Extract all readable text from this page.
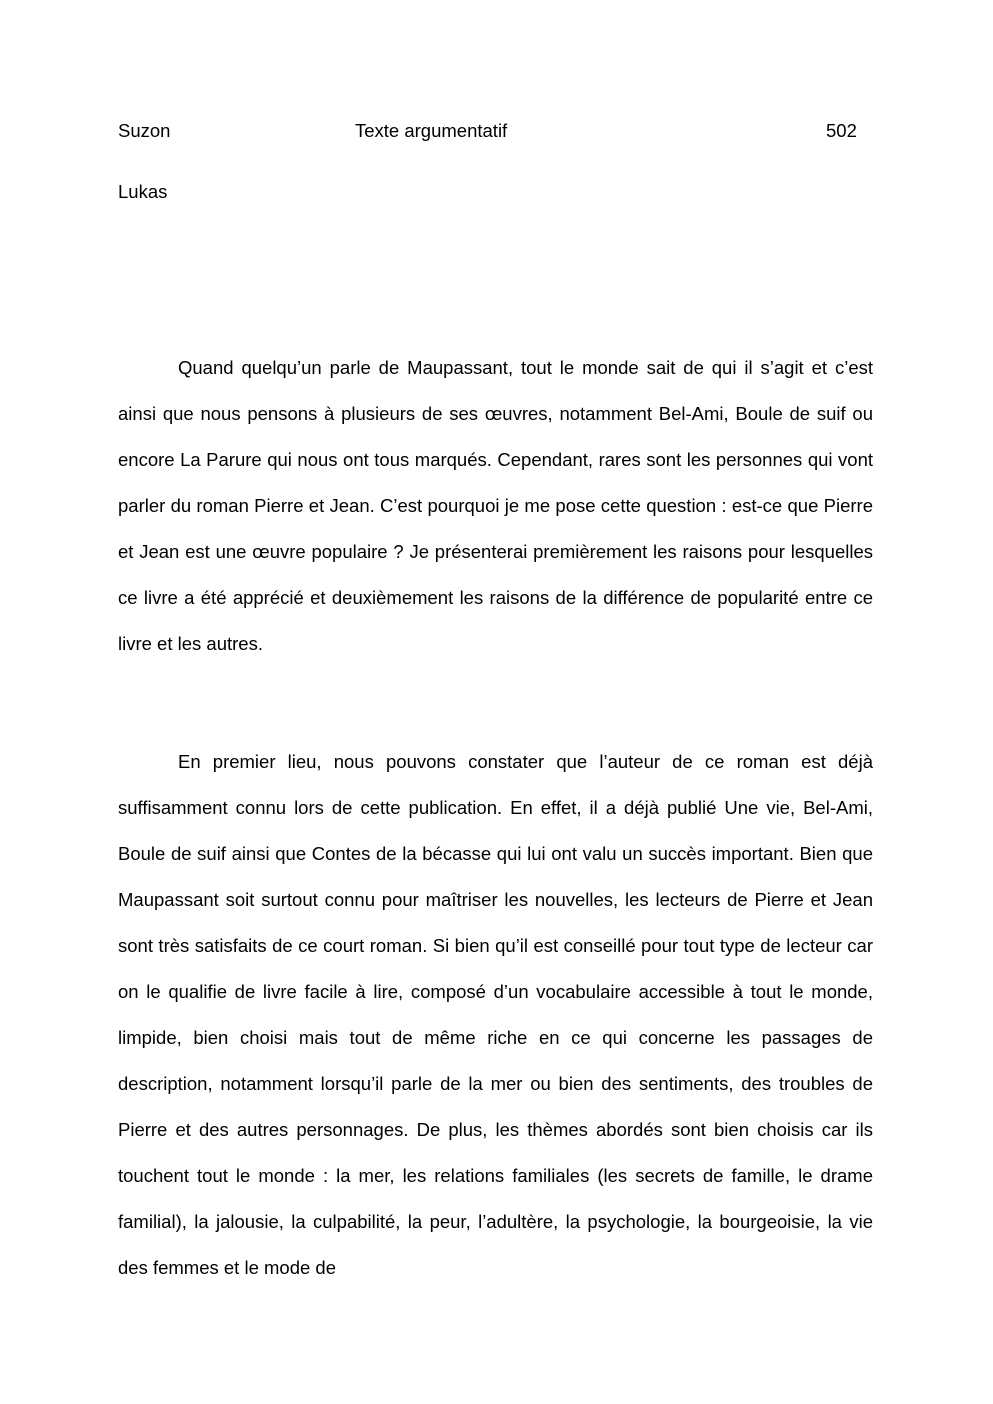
Suzon	Texte argumentatif	502
Lukas

Quand quelqu’un parle de Maupassant, tout le monde sait de qui il s’agit et c’est ainsi que nous pensons à plusieurs de ses œuvres, notamment Bel-Ami, Boule de suif ou encore La Parure qui nous ont tous marqués. Cependant, rares sont les personnes qui vont parler du roman Pierre et Jean. C’est pourquoi je me pose cette question : est-ce que Pierre et Jean est une œuvre populaire ? Je présenterai premièrement les raisons pour lesquelles ce livre a été apprécié et deuxièmement les raisons de la différence de popularité entre ce livre et les autres.

En premier lieu, nous pouvons constater que l’auteur de ce roman est déjà suffisamment connu lors de cette publication. En effet, il a déjà publié Une vie, Bel-Ami, Boule de suif ainsi que Contes de la bécasse qui lui ont valu un succès important. Bien que Maupassant soit surtout connu pour maîtriser les nouvelles, les lecteurs de Pierre et Jean sont très satisfaits de ce court roman. Si bien qu’il est conseillé pour tout type de lecteur car on le qualifie de livre facile à lire, composé d’un vocabulaire accessible à tout le monde, limpide, bien choisi mais tout de même riche en ce qui concerne les passages de description, notamment lorsqu’il parle de la mer ou bien des sentiments, des troubles de Pierre et des autres personnages. De plus, les thèmes abordés sont bien choisis car ils touchent tout le monde : la mer, les relations familiales (les secrets de famille, le drame familial), la jalousie, la culpabilité, la peur, l’adultère, la psychologie, la bourgeoisie, la vie des femmes et le mode de
